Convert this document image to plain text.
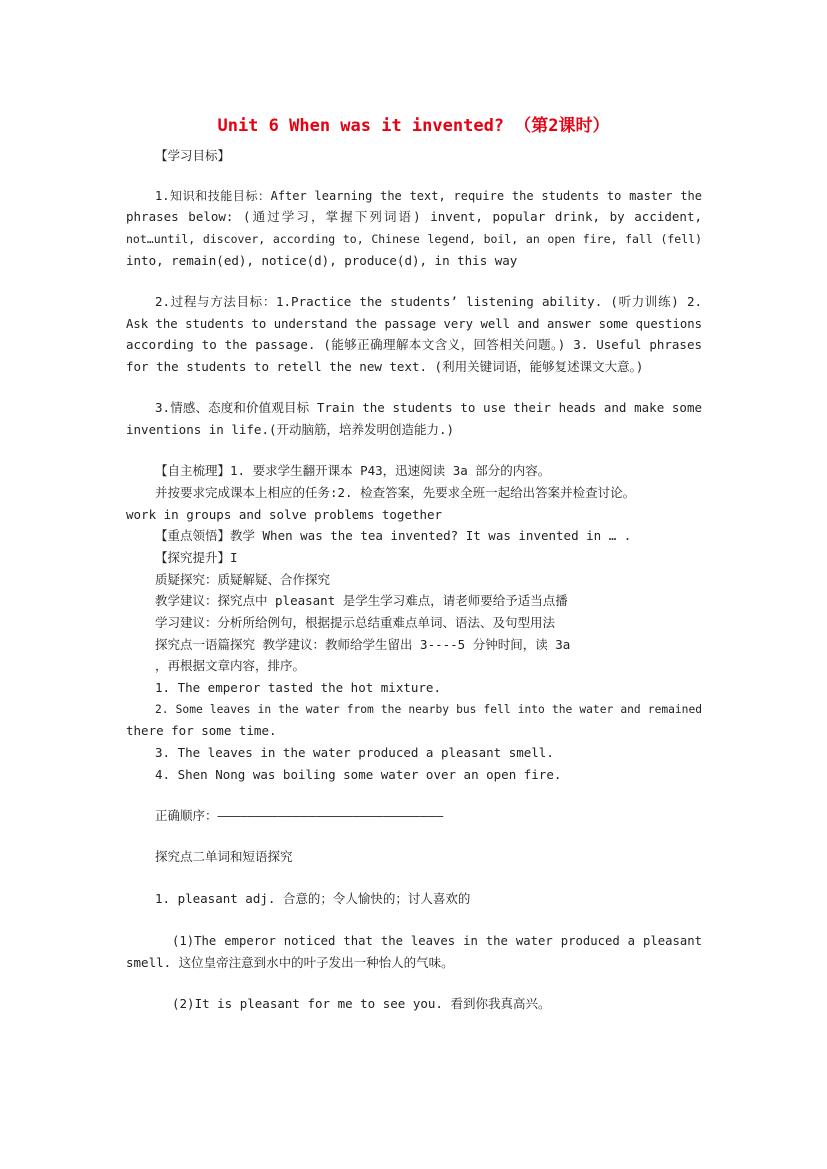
Unit 6 When was it invented? （第2课时）
【学习目标】
1.知识和技能目标：After learning the text, require the students to master the
phrases below: (通过学习，掌握下列词语) invent, popular drink, by accident,
not…until, discover, according to, Chinese legend, boil, an open fire, fall (fell)
into, remain(ed), notice(d), produce(d), in this way
2.过程与方法目标：1.Practice the students’ listening ability. (听力训练) 2.
Ask the students to understand the passage very well and answer some questions
according to the passage. (能够正确理解本文含义，回答相关问题。) 3. Useful phrases
for the students to retell the new text. (利用关键词语，能够复述课文大意。)
3.情感、态度和价值观目标 Train the students to use their heads and make some
inventions in life.(开动脑筋，培养发明创造能力.)
【自主梳理】1. 要求学生翻开课本 P43，迅速阅读 3a 部分的内容。
并按要求完成课本上相应的任务:2. 检查答案，先要求全班一起给出答案并检查讨论。
work in groups and solve problems together
【重点领悟】教学 When was the tea invented? It was invented in … .
【探究提升】I
质疑探究：质疑解疑、合作探究
教学建议：探究点中 pleasant 是学生学习难点，请老师要给予适当点播
学习建议：分析所给例句，根据提示总结重难点单词、语法、及句型用法
探究点一语篇探究 教学建议：教师给学生留出 3----5 分钟时间，读 3a
，再根据文章内容，排序。
1. The emperor tasted the hot mixture.
2. Some leaves in the water from the nearby bus fell into the water and remained
there for some time.
3. The leaves in the water produced a pleasant smell.
4. Shen Nong was boiling some water over an open fire.
正确顺序：——————————————————————————————
探究点二单词和短语探究
1. pleasant adj. 合意的；令人愉快的；讨人喜欢的
(1)The emperor noticed that the leaves in the water produced a pleasant
smell. 这位皇帝注意到水中的叶子发出一种怡人的气味。
(2)It is pleasant for me to see you. 看到你我真高兴。
